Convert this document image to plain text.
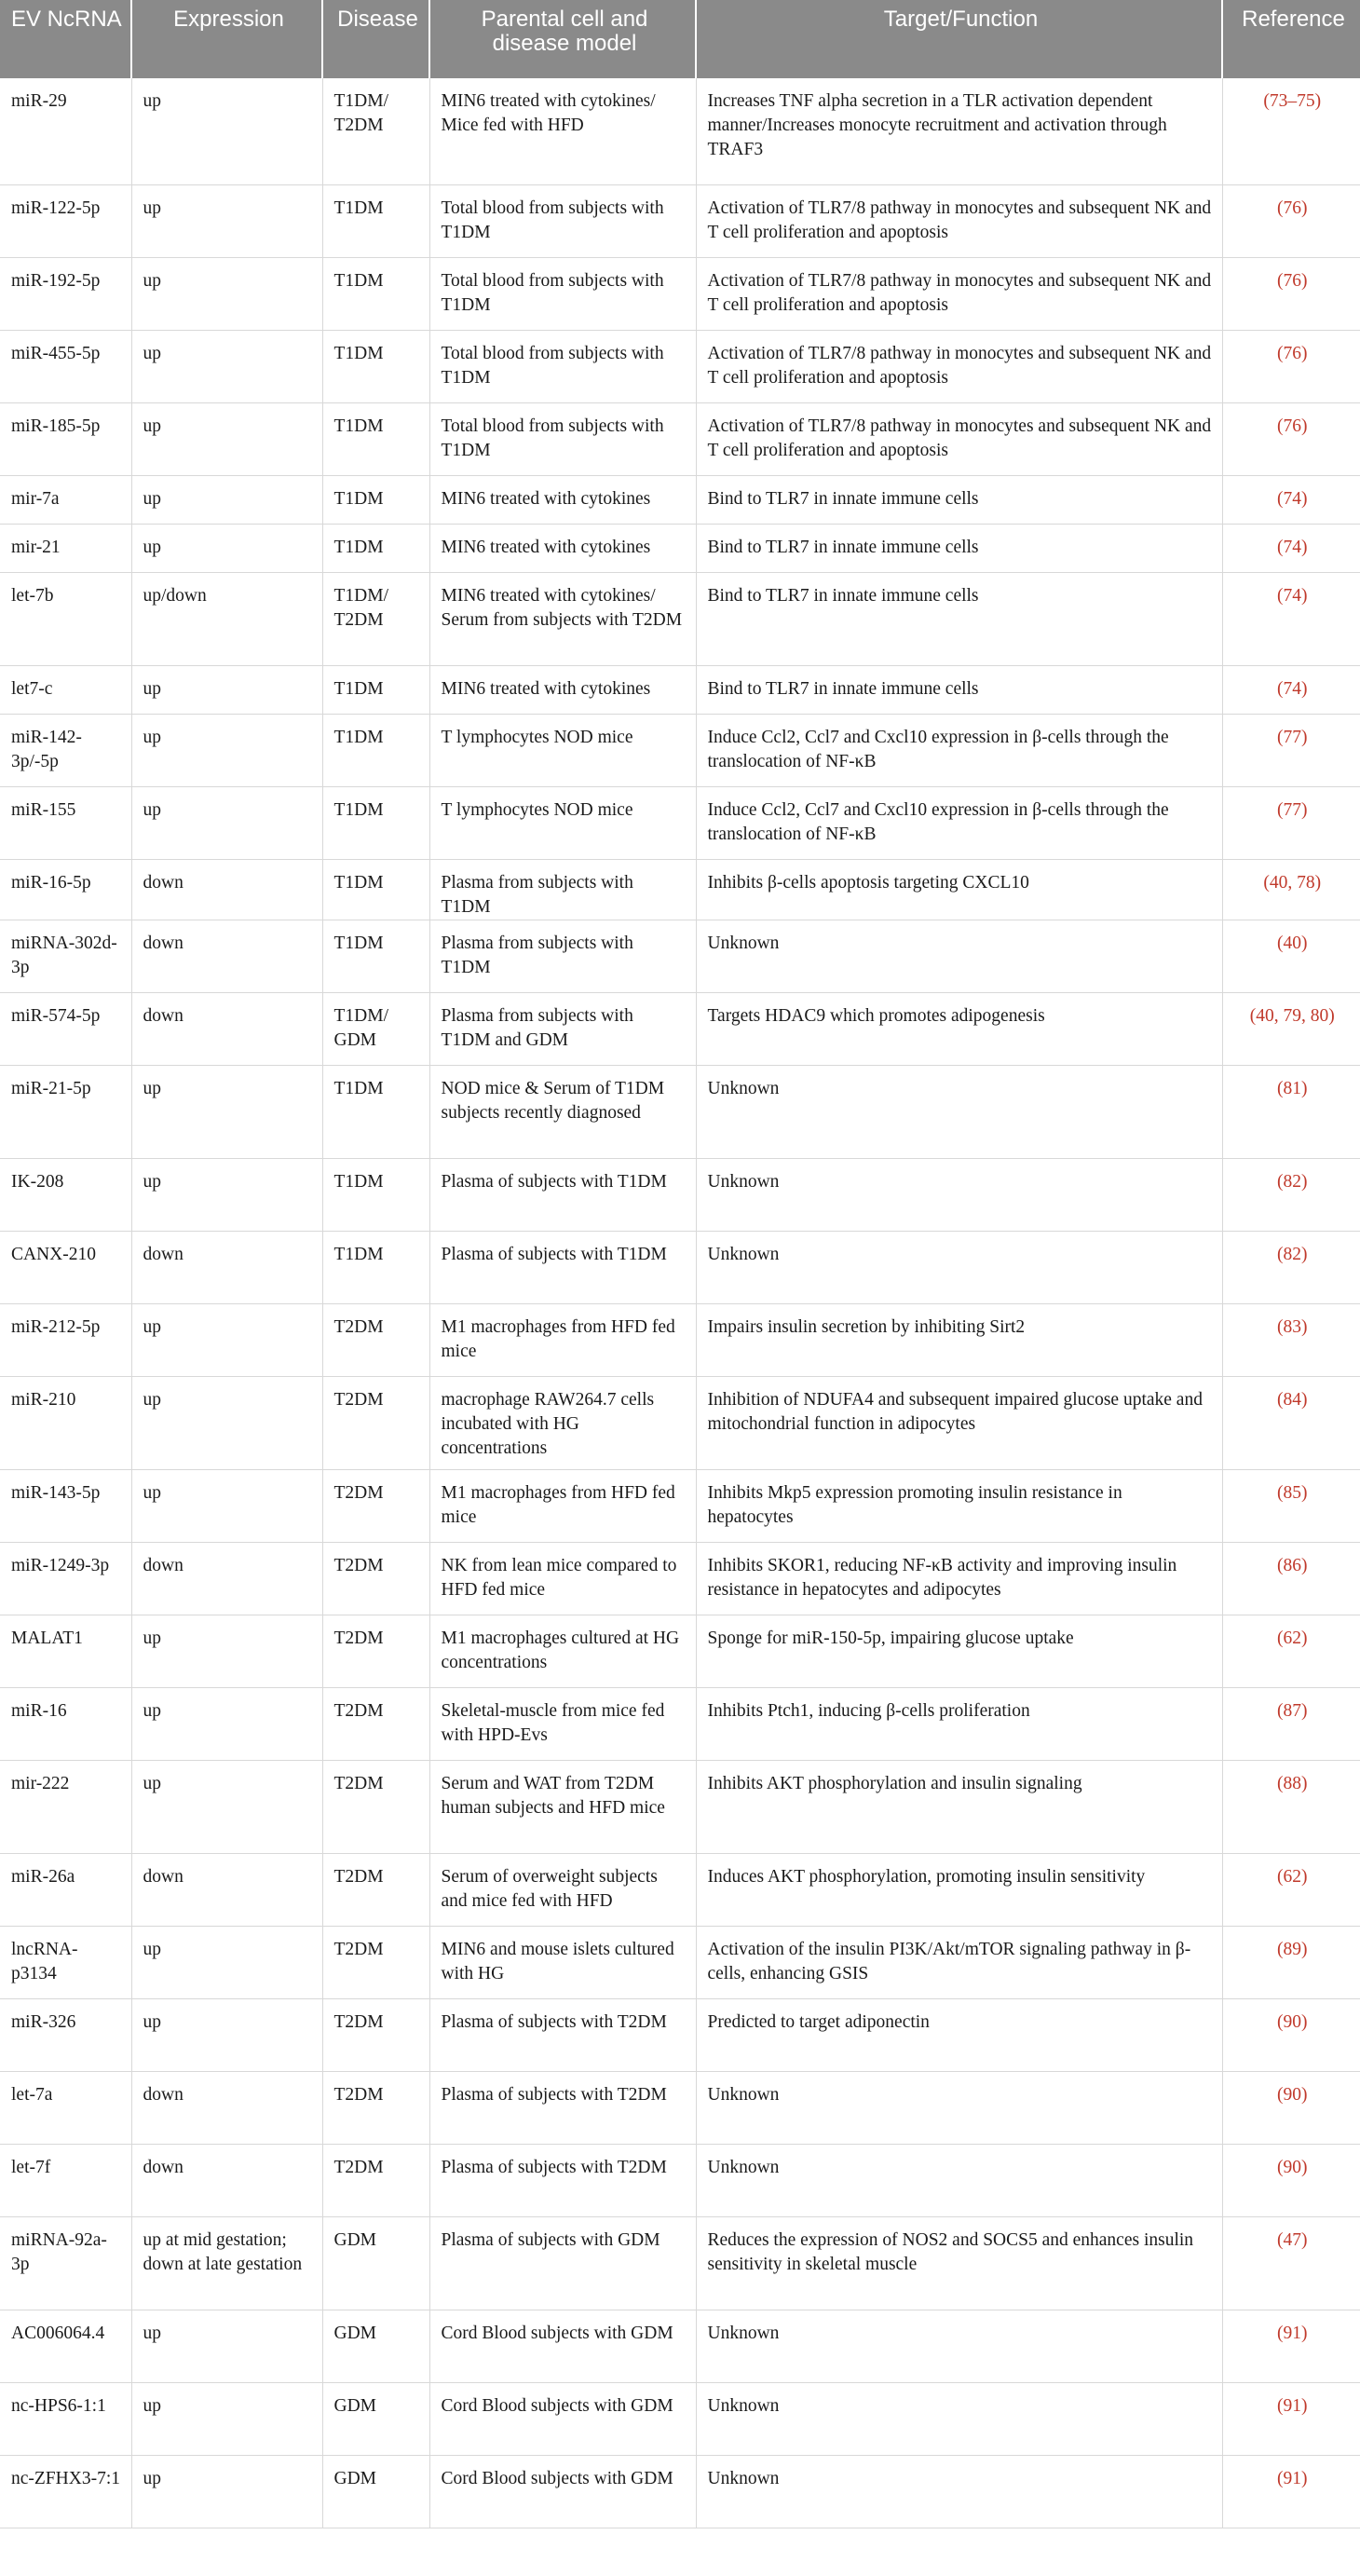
EV NcRNA	Expression	Disease	Parental cell and disease model	Target/Function	Reference
miR-29	up	T1DM/ T2DM	MIN6 treated with cytokines/ Mice fed with HFD	Increases TNF alpha secretion in a TLR activation dependent manner/Increases monocyte recruitment and activation through TRAF3	(73–75)
miR-122-5p	up	T1DM	Total blood from subjects with T1DM	Activation of TLR7/8 pathway in monocytes and subsequent NK and T cell proliferation and apoptosis	(76)
miR-192-5p	up	T1DM	Total blood from subjects with T1DM	Activation of TLR7/8 pathway in monocytes and subsequent NK and T cell proliferation and apoptosis	(76)
miR-455-5p	up	T1DM	Total blood from subjects with T1DM	Activation of TLR7/8 pathway in monocytes and subsequent NK and T cell proliferation and apoptosis	(76)
miR-185-5p	up	T1DM	Total blood from subjects with T1DM	Activation of TLR7/8 pathway in monocytes and subsequent NK and T cell proliferation and apoptosis	(76)
mir-7a	up	T1DM	MIN6 treated with cytokines	Bind to TLR7 in innate immune cells	(74)
mir-21	up	T1DM	MIN6 treated with cytokines	Bind to TLR7 in innate immune cells	(74)
let-7b	up/down	T1DM/ T2DM	MIN6 treated with cytokines/ Serum from subjects with T2DM	Bind to TLR7 in innate immune cells	(74)
let7-c	up	T1DM	MIN6 treated with cytokines	Bind to TLR7 in innate immune cells	(74)
miR-142-3p/-5p	up	T1DM	T lymphocytes NOD mice	Induce Ccl2, Ccl7 and Cxcl10 expression in β-cells through the translocation of NF-κB	(77)
miR-155	up	T1DM	T lymphocytes NOD mice	Induce Ccl2, Ccl7 and Cxcl10 expression in β-cells through the translocation of NF-κB	(77)
miR-16-5p	down	T1DM	Plasma from subjects with T1DM	Inhibits β-cells apoptosis targeting CXCL10	(40, 78)
miRNA-302d-3p	down	T1DM	Plasma from subjects with T1DM	Unknown	(40)
miR-574-5p	down	T1DM/ GDM	Plasma from subjects with T1DM and GDM	Targets HDAC9 which promotes adipogenesis	(40, 79, 80)
miR-21-5p	up	T1DM	NOD mice & Serum of T1DM subjects recently diagnosed	Unknown	(81)
IK-208	up	T1DM	Plasma of subjects with T1DM	Unknown	(82)
CANX-210	down	T1DM	Plasma of subjects with T1DM	Unknown	(82)
miR-212-5p	up	T2DM	M1 macrophages from HFD fed mice	Impairs insulin secretion by inhibiting Sirt2	(83)
miR-210	up	T2DM	macrophage RAW264.7 cells incubated with HG concentrations	Inhibition of NDUFA4 and subsequent impaired glucose uptake and mitochondrial function in adipocytes	(84)
miR-143-5p	up	T2DM	M1 macrophages from HFD fed mice	Inhibits Mkp5 expression promoting insulin resistance in hepatocytes	(85)
miR-1249-3p	down	T2DM	NK from lean mice compared to HFD fed mice	Inhibits SKOR1, reducing NF-κB activity and improving insulin resistance in hepatocytes and adipocytes	(86)
MALAT1	up	T2DM	M1 macrophages cultured at HG concentrations	Sponge for miR-150-5p, impairing glucose uptake	(62)
miR-16	up	T2DM	Skeletal-muscle from mice fed with HPD-Evs	Inhibits Ptch1, inducing β-cells proliferation	(87)
mir-222	up	T2DM	Serum and WAT from T2DM human subjects and HFD mice	Inhibits AKT phosphorylation and insulin signaling	(88)
miR-26a	down	T2DM	Serum of overweight subjects and mice fed with HFD	Induces AKT phosphorylation, promoting insulin sensitivity	(62)
lncRNA-p3134	up	T2DM	MIN6 and mouse islets cultured with HG	Activation of the insulin PI3K/Akt/mTOR signaling pathway in β-cells, enhancing GSIS	(89)
miR-326	up	T2DM	Plasma of subjects with T2DM	Predicted to target adiponectin	(90)
let-7a	down	T2DM	Plasma of subjects with T2DM	Unknown	(90)
let-7f	down	T2DM	Plasma of subjects with T2DM	Unknown	(90)
miRNA-92a-3p	up at mid gestation; down at late gestation	GDM	Plasma of subjects with GDM	Reduces the expression of NOS2 and SOCS5 and enhances insulin sensitivity in skeletal muscle	(47)
AC006064.4	up	GDM	Cord Blood subjects with GDM	Unknown	(91)
nc-HPS6-1:1	up	GDM	Cord Blood subjects with GDM	Unknown	(91)
nc-ZFHX3-7:1	up	GDM	Cord Blood subjects with GDM	Unknown	(91)
